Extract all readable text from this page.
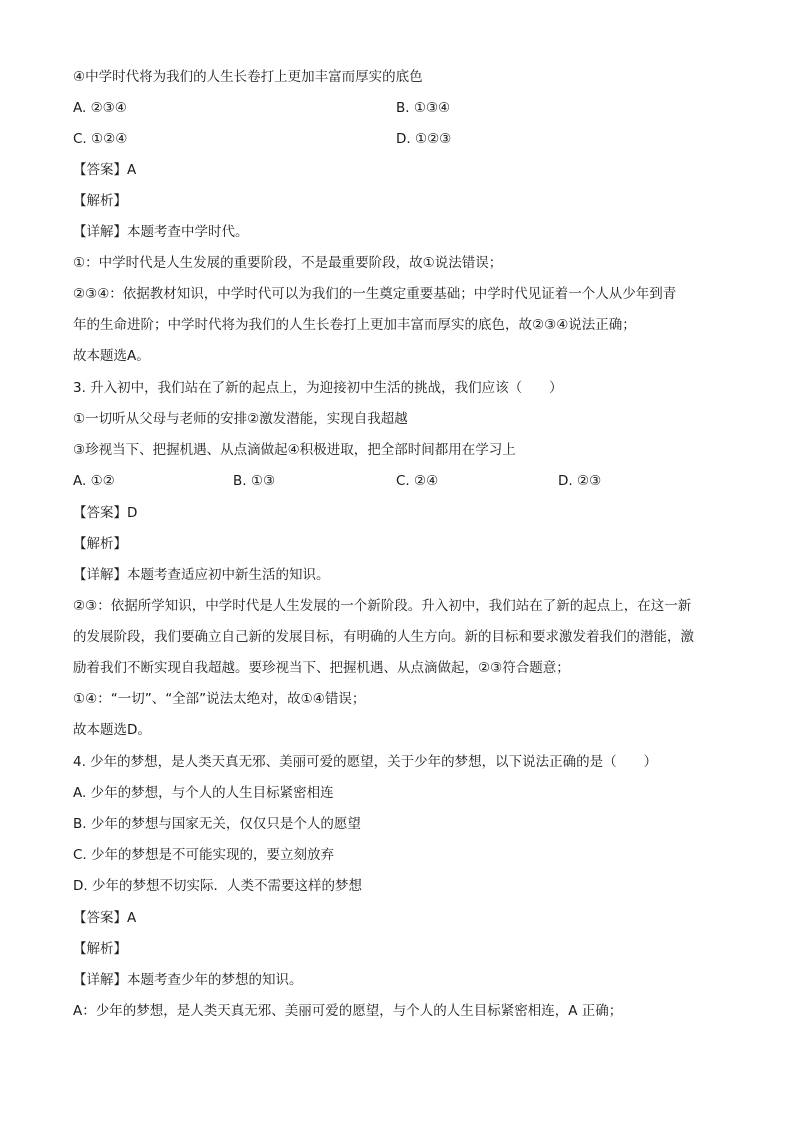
④中学时代将为我们的人生长卷打上更加丰富而厚实的底色
A. ②③④	B. ①③④
C. ①②④	D. ①②③
【答案】A
【解析】
【详解】本题考查中学时代。
①：中学时代是人生发展的重要阶段，不是最重要阶段，故①说法错误；
②③④：依据教材知识，中学时代可以为我们的一生奠定重要基础；中学时代见证着一个人从少年到青
年的生命进阶；中学时代将为我们的人生长卷打上更加丰富而厚实的底色，故②③④说法正确；
故本题选A。
3. 升入初中，我们站在了新的起点上，为迎接初中生活的挑战，我们应该（　　）
①一切听从父母与老师的安排②激发潜能，实现自我超越
③珍视当下、把握机遇、从点滴做起④积极进取，把全部时间都用在学习上
A. ①②	B. ①③	C. ②④	D. ②③
【答案】D
【解析】
【详解】本题考查适应初中新生活的知识。
②③：依据所学知识，中学时代是人生发展的一个新阶段。升入初中，我们站在了新的起点上，在这一新
的发展阶段，我们要确立自己新的发展目标，有明确的人生方向。新的目标和要求激发着我们的潜能，激
励着我们不断实现自我超越。要珍视当下、把握机遇、从点滴做起，②③符合题意；
①④：“一切”、“全部”说法太绝对，故①④错误；
故本题选D。
4. 少年的梦想，是人类天真无邪、美丽可爱的愿望，关于少年的梦想，以下说法正确的是（　　）
A. 少年的梦想，与个人的人生目标紧密相连
B. 少年的梦想与国家无关，仅仅只是个人的愿望
C. 少年的梦想是不可能实现的，要立刻放弃
D. 少年的梦想不切实际．人类不需要这样的梦想
【答案】A
【解析】
【详解】本题考查少年的梦想的知识。
A：少年的梦想，是人类天真无邪、美丽可爱的愿望，与个人的人生目标紧密相连，A 正确；
